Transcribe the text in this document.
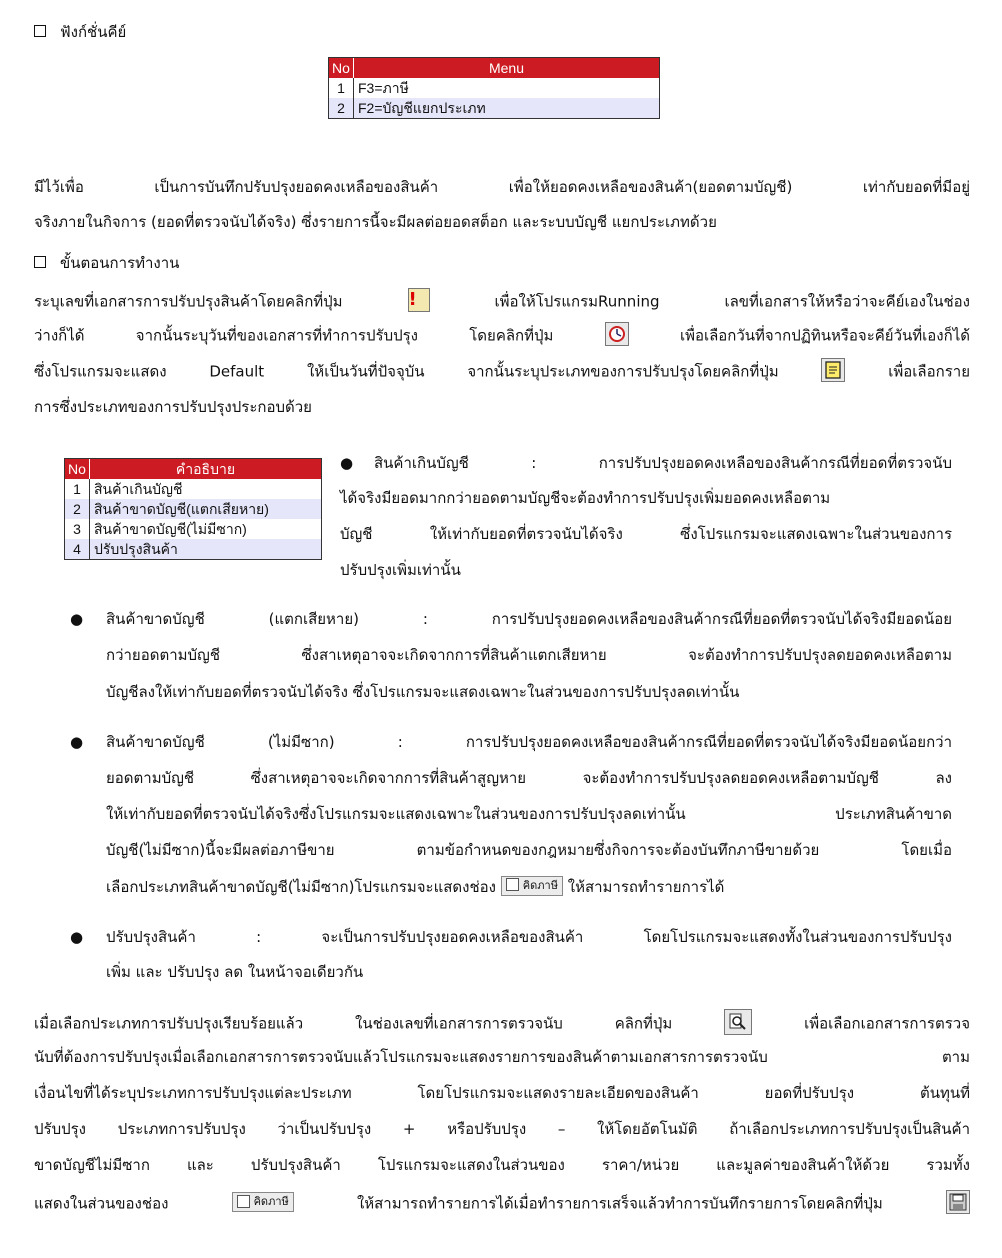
ฟังก์ชั่นคีย์
No	Menu
1 F3=ภาษี
2 F2=บัญชีแยกประเภท
มีไว้เพื่อ เป็นการบันทึกปรับปรุงยอดคงเหลือของสินค้า เพื่อให้ยอดคงเหลือของสินค้า(ยอดตามบัญชี) เท่ากับยอดที่มีอยู่
จริงภายในกิจการ (ยอดที่ตรวจนับได้จริง) ซึ่งรายการนี้จะมีผลต่อยอดสต็อก และระบบบัญชี แยกประเภทด้วย
ขั้นตอนการทำงาน
ระบุเลขที่เอกสารการปรับปรุงสินค้าโดยคลิกที่ปุ่ม	!	เพื่อให้โปรแกรมRunning เลขที่เอกสารให้หรือว่าจะคีย์เองในช่อง
ว่างก็ได้ จากนั้นระบุวันที่ของเอกสารที่ทำการปรับปรุง โดยคลิกที่ปุ่ม	เพื่อเลือกวันที่จากปฏิทินหรือจะคีย์วันที่เองก็ได้
ซึ่งโปรแกรมจะแสดง Default ให้เป็นวันที่ปัจจุบัน จากนั้นระบุประเภทของการปรับปรุงโดยคลิกที่ปุ่ม	เพื่อเลือกราย
การซึ่งประเภทของการปรับปรุงประกอบด้วย
No	คำอธิบาย
1 สินค้าเกินบัญชี
2 สินค้าขาดบัญชี(แตกเสียหาย)
3 สินค้าขาดบัญชี(ไม่มีซาก)
4 ปรับปรุงสินค้า
● สินค้าเกินบัญชี : การปรับปรุงยอดคงเหลือของสินค้ากรณีที่ยอดที่ตรวจนับ
ได้จริงมียอดมากกว่ายอดตามบัญชีจะต้องทำการปรับปรุงเพิ่มยอดคงเหลือตาม
บัญชี ให้เท่ากับยอดที่ตรวจนับได้จริง ซึ่งโปรแกรมจะแสดงเฉพาะในส่วนของการ
ปรับปรุงเพิ่มเท่านั้น
● สินค้าขาดบัญชี (แตกเสียหาย) : การปรับปรุงยอดคงเหลือของสินค้ากรณีที่ยอดที่ตรวจนับได้จริงมียอดน้อย
กว่ายอดตามบัญชี ซึ่งสาเหตุอาจจะเกิดจากการที่สินค้าแตกเสียหาย จะต้องทำการปรับปรุงลดยอดคงเหลือตาม
บัญชีลงให้เท่ากับยอดที่ตรวจนับได้จริง ซึ่งโปรแกรมจะแสดงเฉพาะในส่วนของการปรับปรุงลดเท่านั้น
● สินค้าขาดบัญชี (ไม่มีซาก) : การปรับปรุงยอดคงเหลือของสินค้ากรณีที่ยอดที่ตรวจนับได้จริงมียอดน้อยกว่า
ยอดตามบัญชี ซึ่งสาเหตุอาจจะเกิดจากการที่สินค้าสูญหาย จะต้องทำการปรับปรุงลดยอดคงเหลือตามบัญชี ลง
ให้เท่ากับยอดที่ตรวจนับได้จริงซึ่งโปรแกรมจะแสดงเฉพาะในส่วนของการปรับปรุงลดเท่านั้น ประเภทสินค้าขาด
บัญชี(ไม่มีซาก)นี้จะมีผลต่อภาษีขาย ตามข้อกำหนดของกฎหมายซึ่งกิจการจะต้องบันทึกภาษีขายด้วย โดยเมื่อ
เลือกประเภทสินค้าขาดบัญชี(ไม่มีซาก)โปรแกรมจะแสดงช่อง คิดภาษี ให้สามารถทำรายการได้
● ปรับปรุงสินค้า : จะเป็นการปรับปรุงยอดคงเหลือของสินค้า โดยโปรแกรมจะแสดงทั้งในส่วนของการปรับปรุง
เพิ่ม และ ปรับปรุง ลด ในหน้าจอเดียวกัน
เมื่อเลือกประเภทการปรับปรุงเรียบร้อยแล้ว ในช่องเลขที่เอกสารการตรวจนับ คลิกที่ปุ่ม	เพื่อเลือกเอกสารการตรวจ
นับที่ต้องการปรับปรุงเมื่อเลือกเอกสารการตรวจนับแล้วโปรแกรมจะแสดงรายการของสินค้าตามเอกสารการตรวจนับ ตาม
เงื่อนไขที่ได้ระบุประเภทการปรับปรุงแต่ละประเภท โดยโปรแกรมจะแสดงรายละเอียดของสินค้า ยอดที่ปรับปรุง ต้นทุนที่
ปรับปรุง ประเภทการปรับปรุง ว่าเป็นปรับปรุง + หรือปรับปรุง – ให้โดยอัตโนมัติ ถ้าเลือกประเภทการปรับปรุงเป็นสินค้า
ขาดบัญชีไม่มีซาก และ ปรับปรุงสินค้า โปรแกรมจะแสดงในส่วนของ ราคา/หน่วย และมูลค่าของสินค้าให้ด้วย รวมทั้ง
แสดงในส่วนของช่อง	คิดภาษี	ให้สามารถทำรายการได้เมื่อทำรายการเสร็จแล้วทำการบันทึกรายการโดยคลิกที่ปุ่ม
